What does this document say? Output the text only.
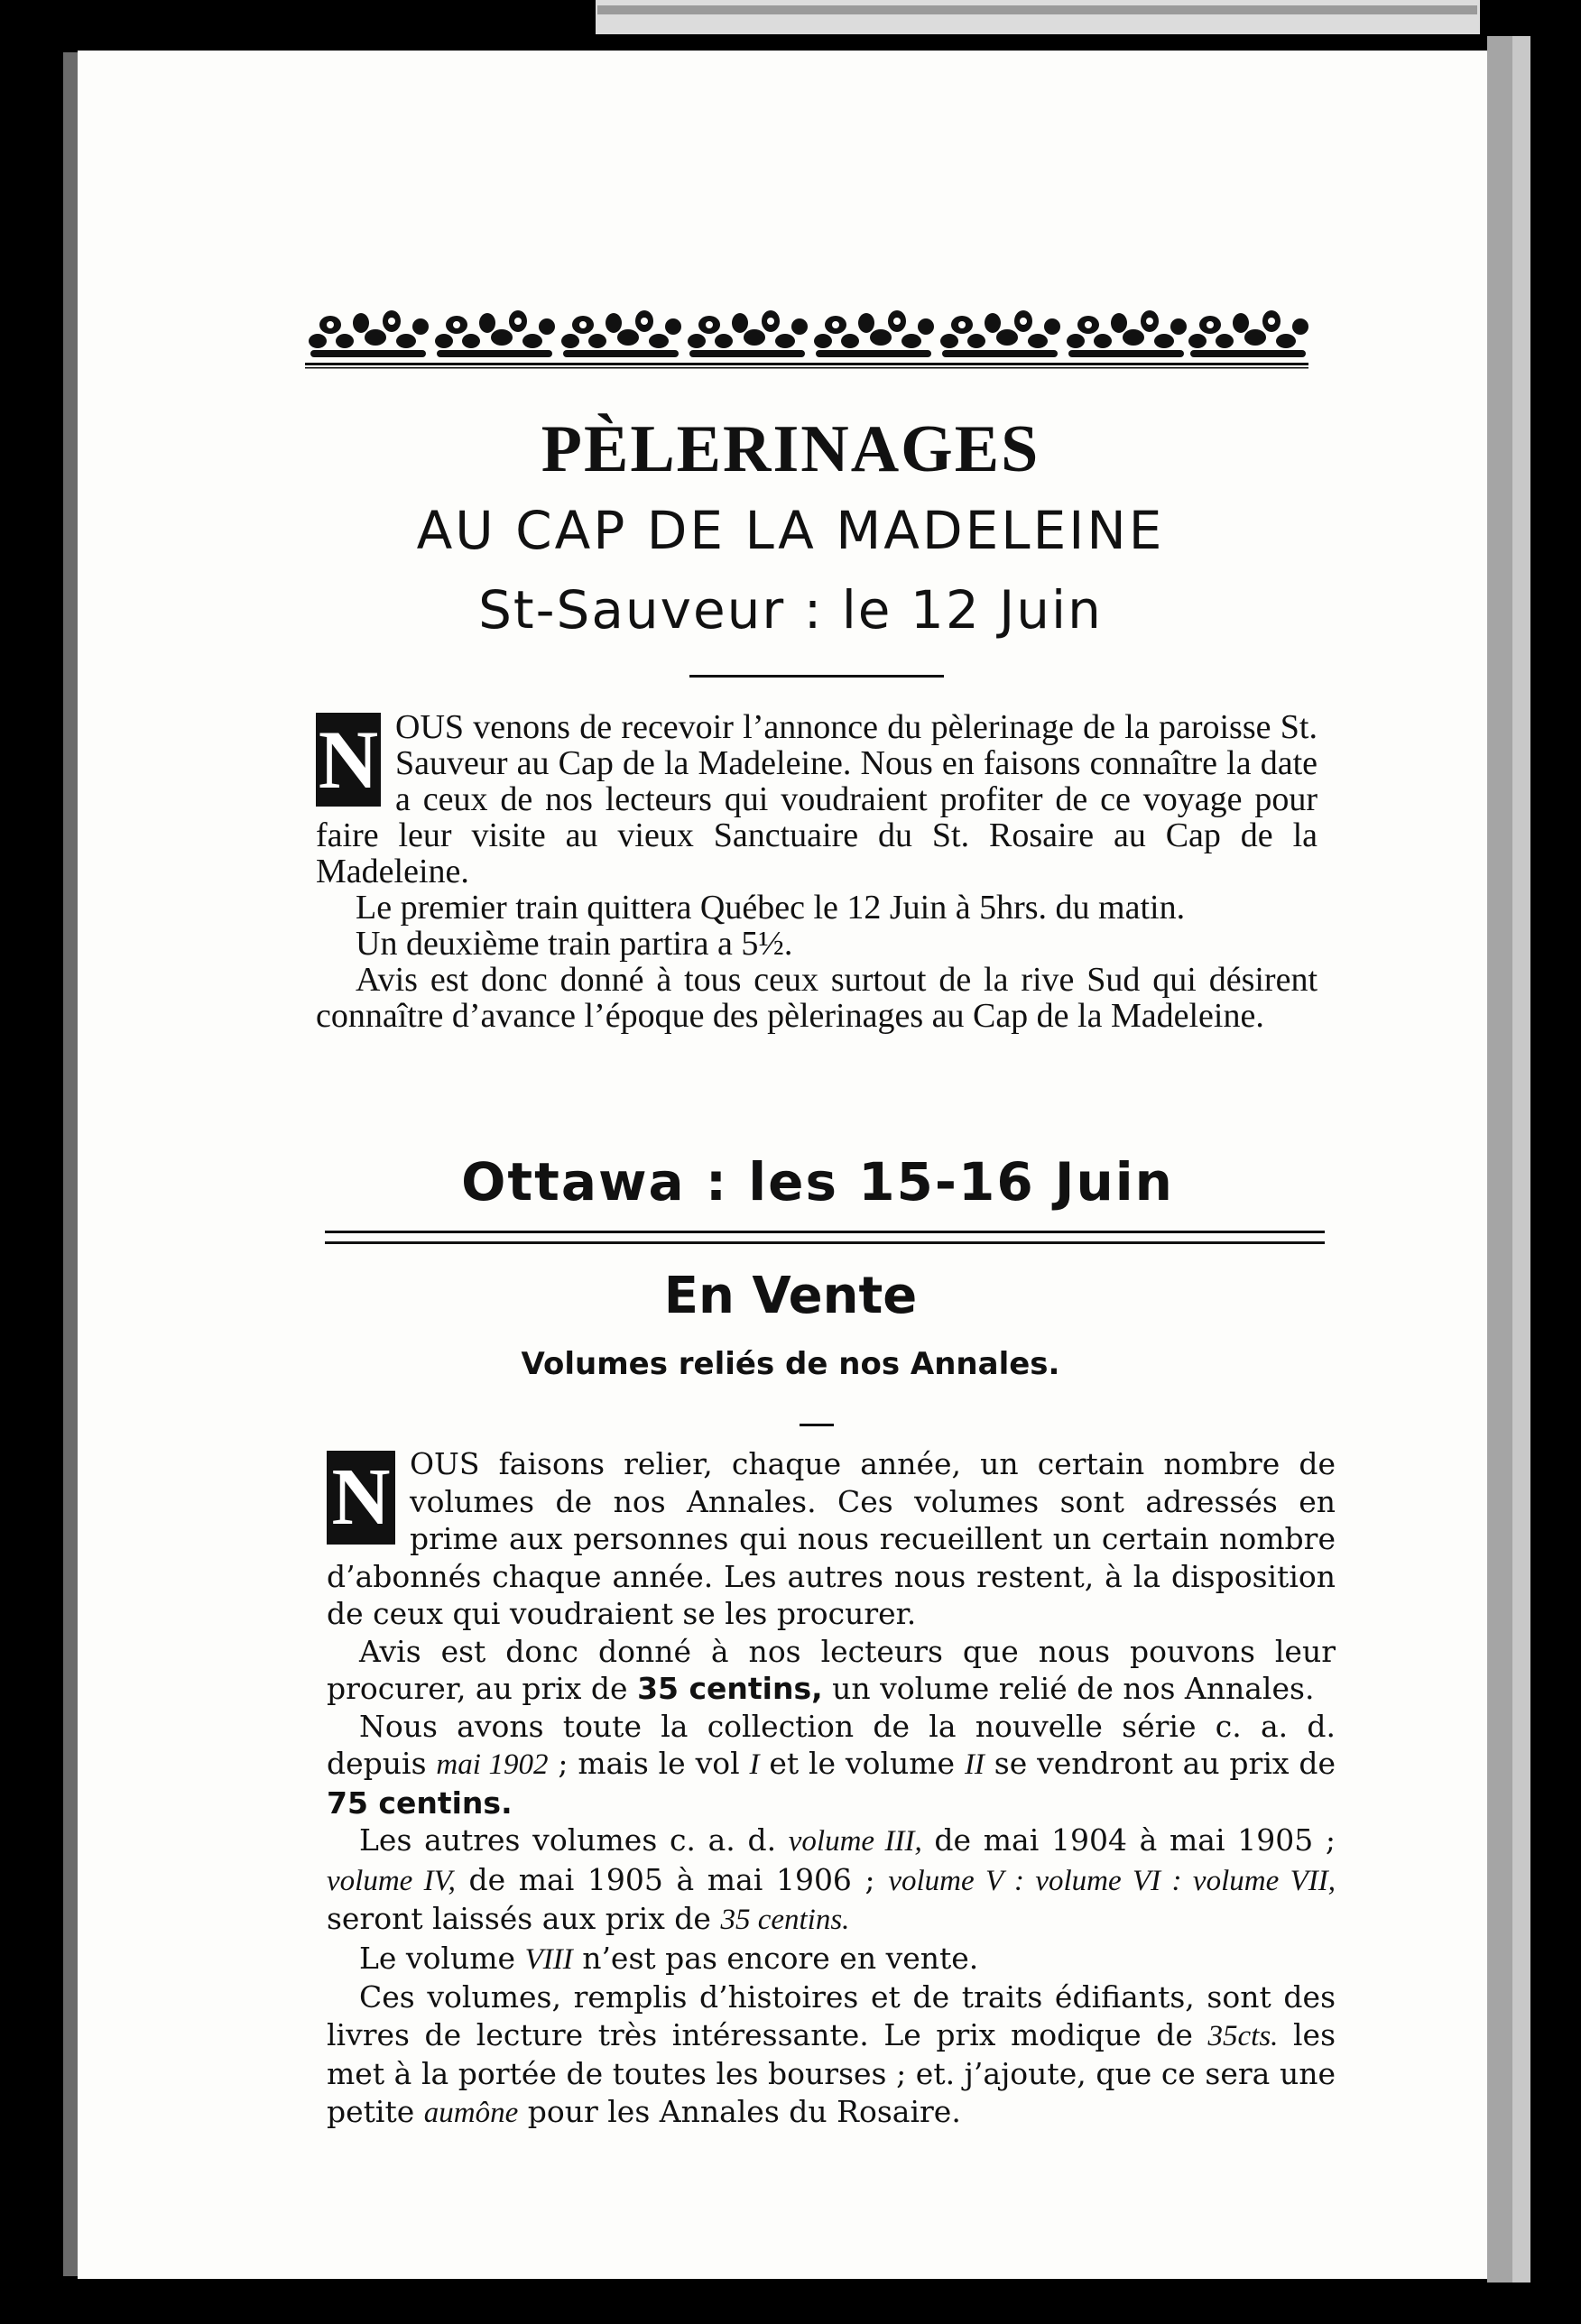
PÈLERINAGES
AU CAP DE LA MADELEINE
St-Sauveur : le 12 Juin

N OUS venons de recevoir l’annonce du pèlerinage de la paroisse St. Sauveur au Cap de la Madeleine. Nous en faisons connaître la date a ceux de nos lecteurs qui voudraient profiter de ce voyage pour faire leur visite au vieux Sanctuaire du St. Rosaire au Cap de la Madeleine.

Le premier train quittera Québec le 12 Juin à 5hrs. du matin.

Un deuxième train partira a 5½.

Avis est donc donné à tous ceux surtout de la rive Sud qui désirent connaître d’avance l’époque des pèlerinages au Cap de la Madeleine.

Ottawa : les 15-16 Juin
En Vente
Volumes reliés de nos Annales.

N OUS faisons relier, chaque année, un certain nombre de volumes de nos Annales. Ces volumes sont adressés en prime aux personnes qui nous recueillent un certain nombre d’abonnés chaque année. Les autres nous restent, à la disposition de ceux qui voudraient se les procurer.

Avis est donc donné à nos lecteurs que nous pouvons leur procurer, au prix de 35 centins, un volume relié de nos Annales.

Nous avons toute la collection de la nouvelle série c. a. d. depuis mai 1902 ; mais le vol I et le volume II se vendront au prix de 75 centins.

Les autres volumes c. a. d. volume III, de mai 1904 à mai 1905 ; volume IV, de mai 1905 à mai 1906 ; volume V : volume VI : volume VII, seront laissés aux prix de 35 centins.

Le volume VIII n’est pas encore en vente.

Ces volumes, remplis d’histoires et de traits édifiants, sont des livres de lecture très intéressante. Le prix modique de 35cts. les met à la portée de toutes les bourses ; et. j’ajoute, que ce sera une petite aumône pour les Annales du Rosaire.
